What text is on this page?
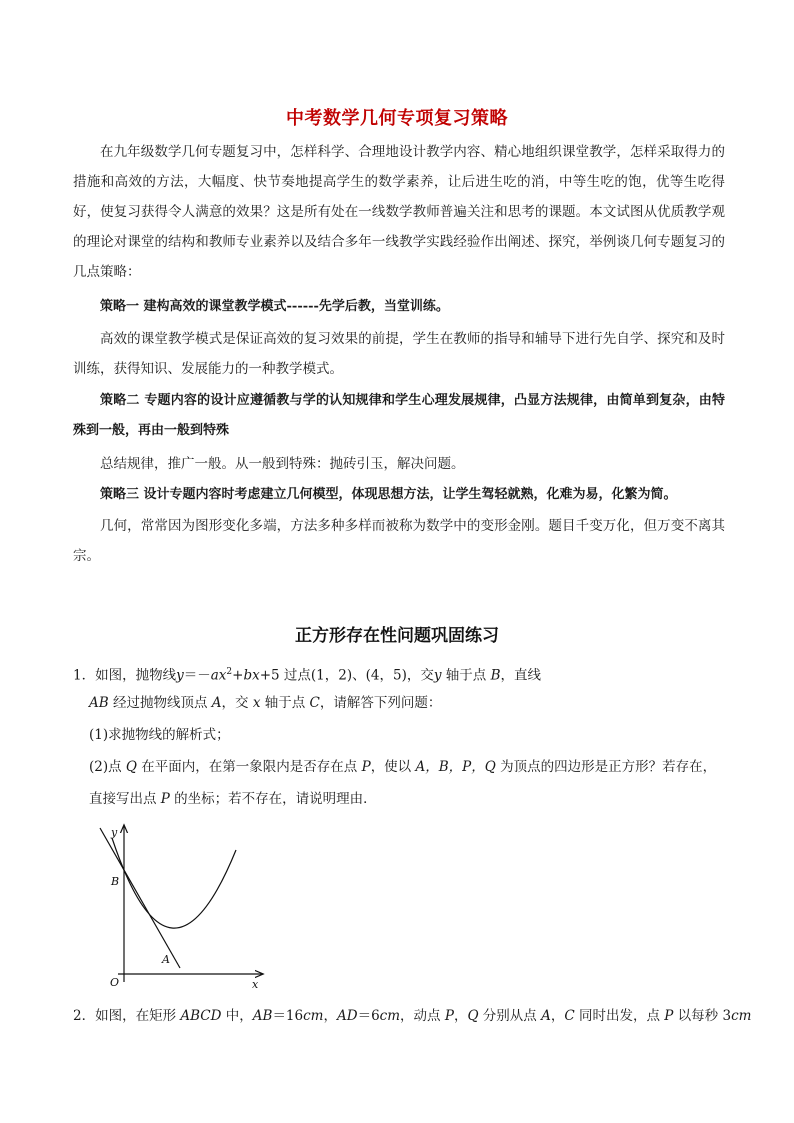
中考数学几何专项复习策略

在九年级数学几何专题复习中，怎样科学、合理地设计教学内容、精心地组织课堂教学，怎样采取得力的措施和高效的方法，大幅度、快节奏地提高学生的数学素养，让后进生吃的消，中等生吃的饱，优等生吃得好，使复习获得令人满意的效果？这是所有处在一线数学教师普遍关注和思考的课题。本文试图从优质教学观的理论对课堂的结构和教师专业素养以及结合多年一线教学实践经验作出阐述、探究，举例谈几何专题复习的几点策略：

策略一 建构高效的课堂教学模式------先学后教，当堂训练。

高效的课堂教学模式是保证高效的复习效果的前提，学生在教师的指导和辅导下进行先自学、探究和及时训练，获得知识、发展能力的一种教学模式。

策略二 专题内容的设计应遵循教与学的认知规律和学生心理发展规律，凸显方法规律，由简单到复杂，由特殊到一般，再由一般到特殊

总结规律，推广一般。从一般到特殊：抛砖引玉，解决问题。

策略三 设计专题内容时考虑建立几何模型，体现思想方法，让学生驾轻就熟，化难为易，化繁为简。

几何，常常因为图形变化多端，方法多种多样而被称为数学中的变形金刚。题目千变万化，但万变不离其宗。

正方形存在性问题巩固练习

1．如图，抛物线$y=-ax^2+bx+5$ 过点(1，2)、(4，5)，交y 轴于点 B，直线

AB 经过抛物线顶点 A，交 x 轴于点 C，请解答下列问题：

(1)求抛物线的解析式；

(2)点 Q 在平面内，在第一象限内是否存在点 P，使以 A，B，P，Q 为顶点的四边形是正方形？若存在，

直接写出点 P 的坐标；若不存在，请说明理由．

y
B
A
O	x

2．如图，在矩形 ABCD 中，AB＝16cm，AD＝6cm，动点 P，Q 分别从点 A，C 同时出发，点 P 以每秒 3cm
